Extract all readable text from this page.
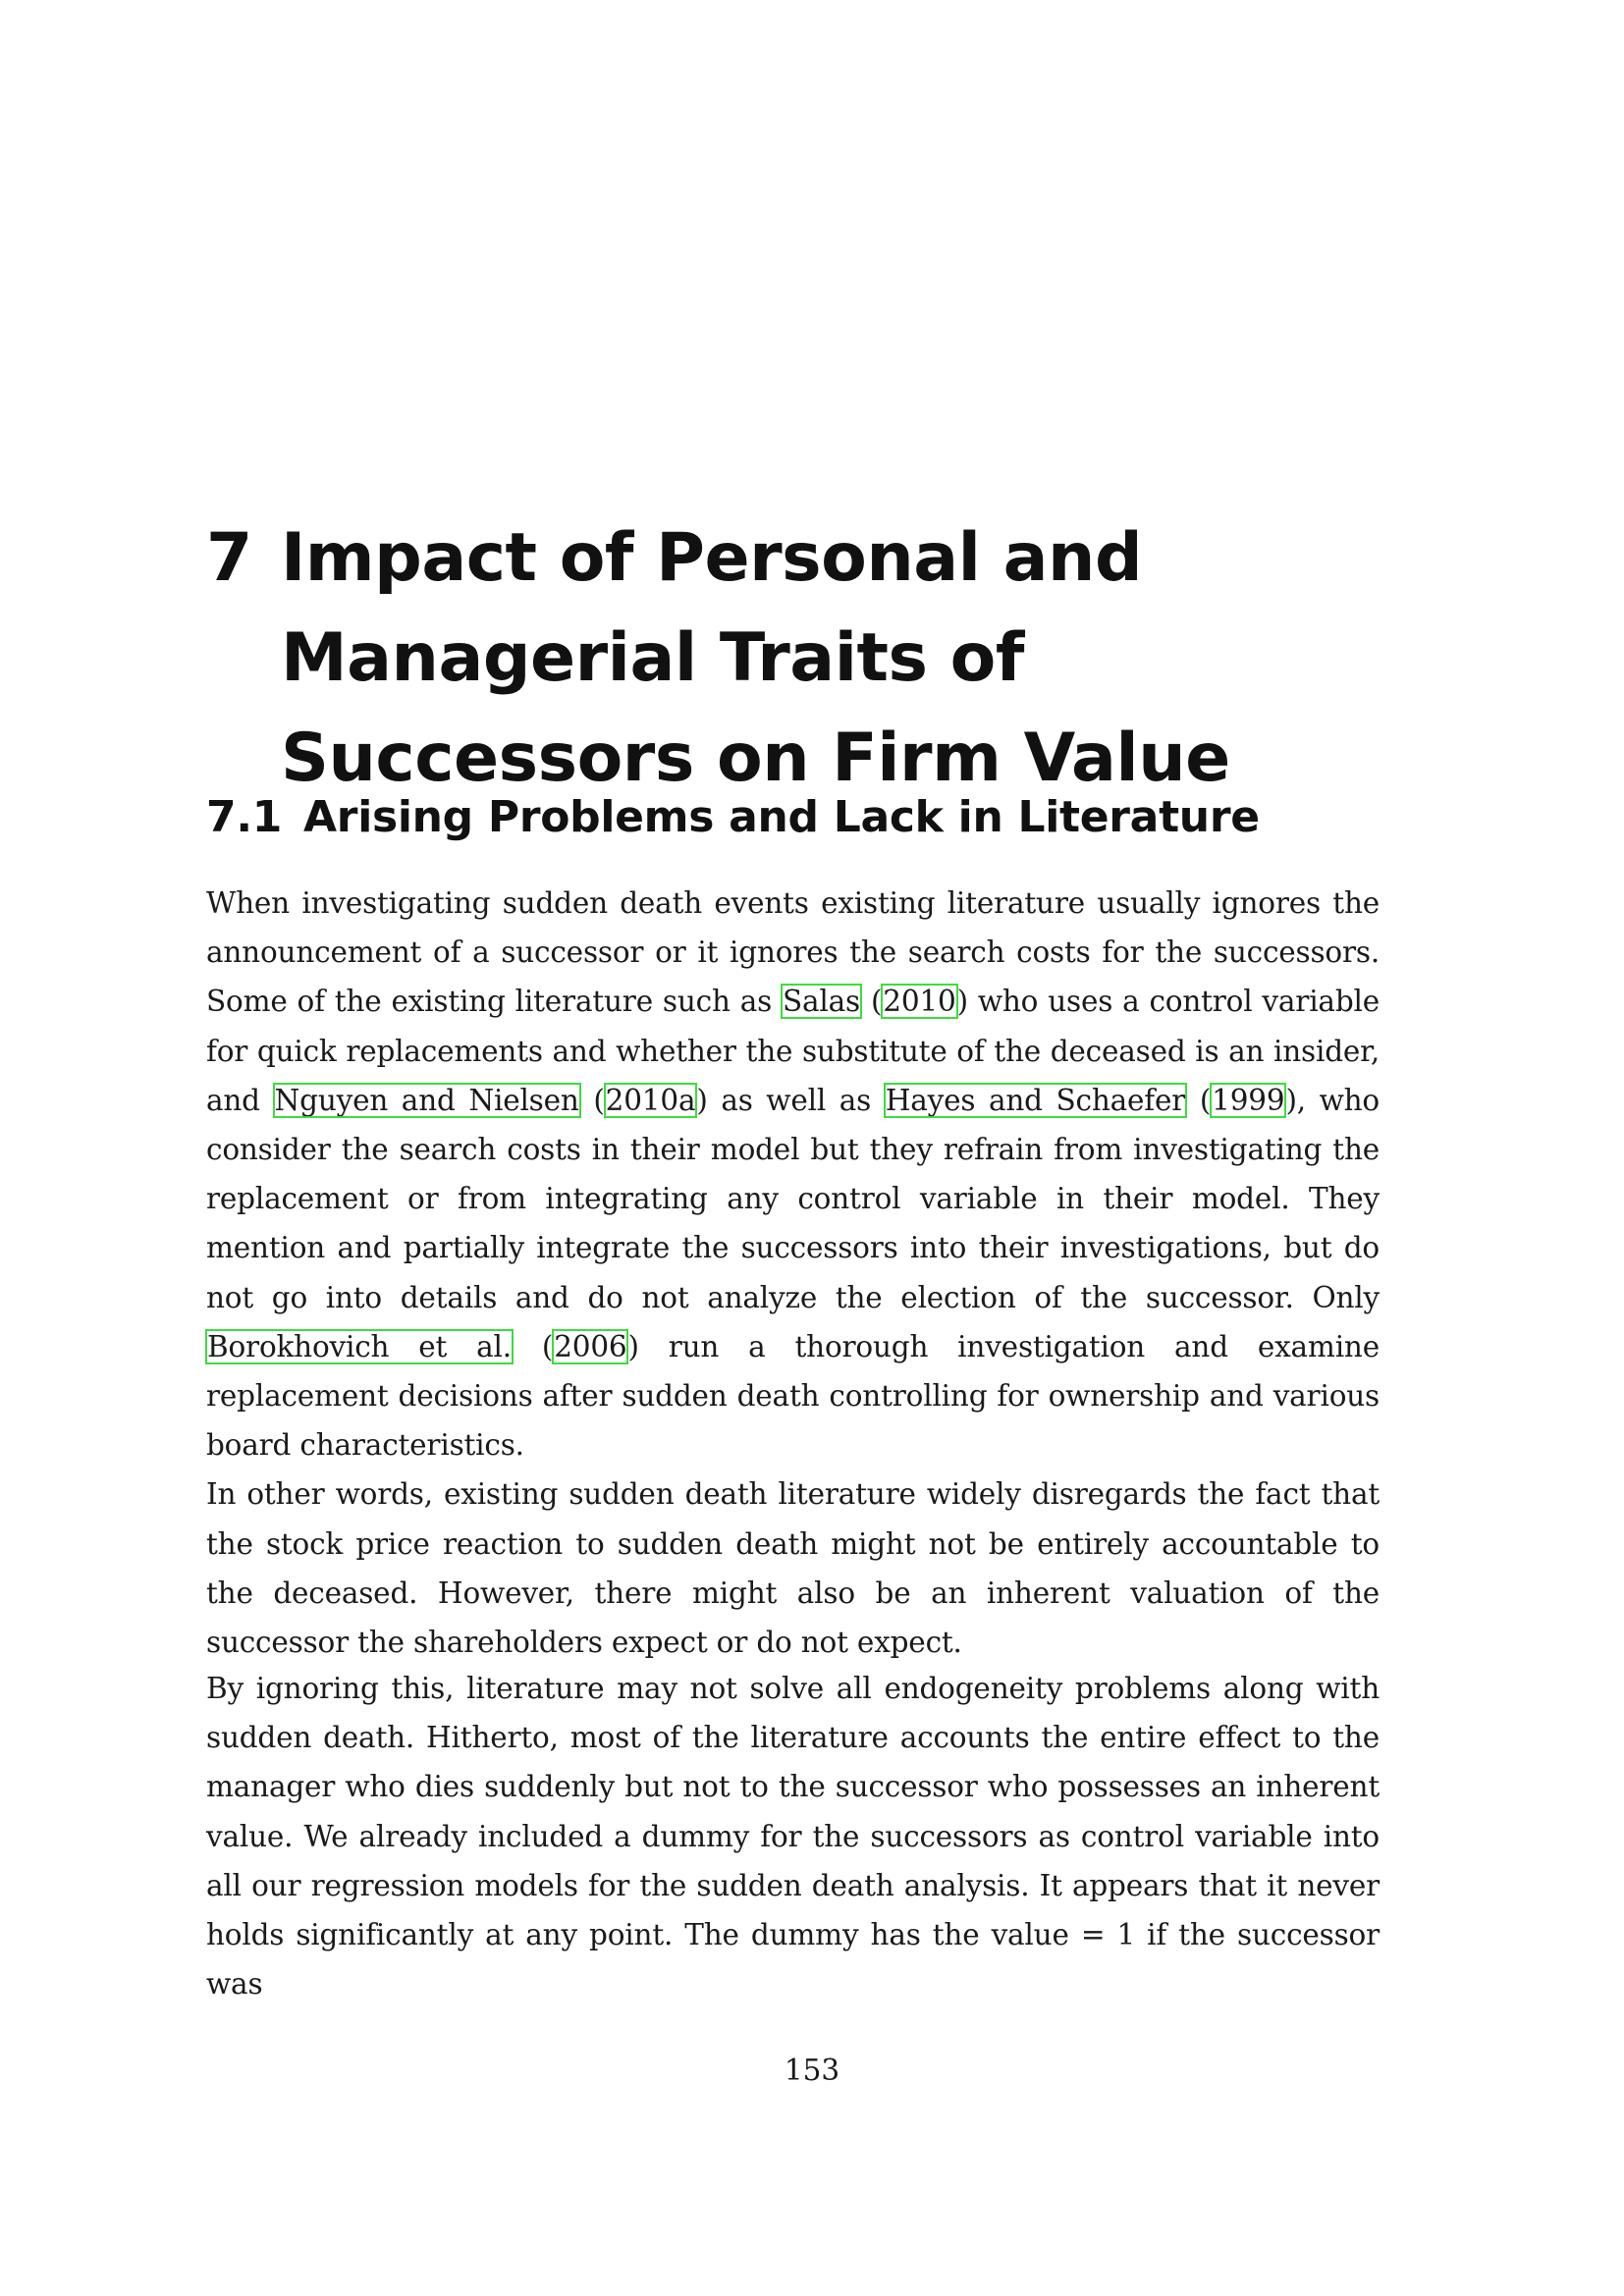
7 Impact of Personal and Managerial Traits of Successors on Firm Value
7.1 Arising Problems and Lack in Literature
When investigating sudden death events existing literature usually ignores the announcement of a successor or it ignores the search costs for the successors. Some of the existing literature such as Salas (2010) who uses a control variable for quick replacements and whether the substitute of the deceased is an insider, and Nguyen and Nielsen (2010a) as well as Hayes and Schaefer (1999), who consider the search costs in their model but they refrain from investigating the replacement or from integrating any control variable in their model. They mention and partially integrate the successors into their investigations, but do not go into details and do not analyze the election of the successor. Only Borokhovich et al. (2006) run a thorough investigation and examine replacement decisions after sudden death controlling for ownership and various board characteristics.
In other words, existing sudden death literature widely disregards the fact that the stock price reaction to sudden death might not be entirely accountable to the deceased. However, there might also be an inherent valuation of the successor the shareholders expect or do not expect.
By ignoring this, literature may not solve all endogeneity problems along with sudden death. Hitherto, most of the literature accounts the entire effect to the manager who dies suddenly but not to the successor who possesses an inherent value. We already included a dummy for the successors as control variable into all our regression models for the sudden death analysis. It appears that it never holds significantly at any point. The dummy has the value = 1 if the successor was
153
